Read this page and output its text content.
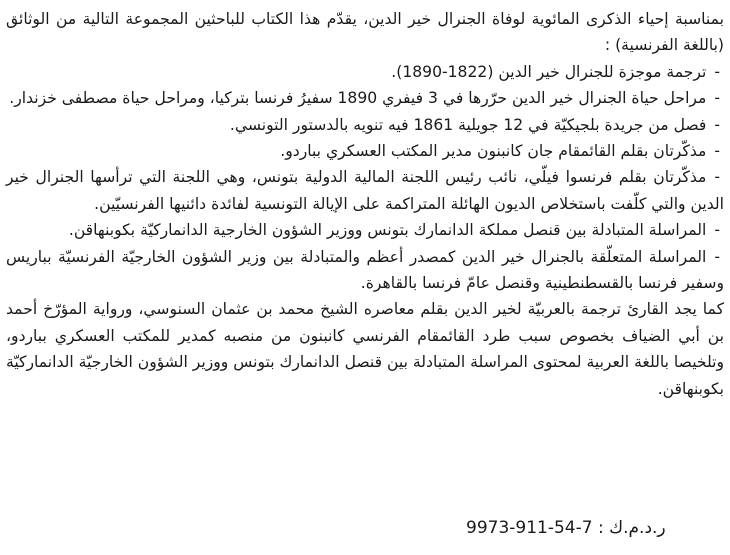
بمناسبة إحياء الذكرى المائوية لوفاة الجنرال خير الدين، يقدّم هذا الكتاب للباحثين المجموعة التالية من الوثائق (باللغة الفرنسية) :

-ترجمة موجزة للجنرال خير الدين (1822-1890).

-مراحل حياة الجنرال خير الدين حرّرها في 3 فيفري 1890 سفيرُ فرنسا بتركيا، ومراحل حياة مصطفى خزندار.

-فصل من جريدة بلجيكيّة في 12 جويلية 1861 فيه تنويه بالدستور التونسي.

-مذكّرتان بقلم القائمقام جان كانبنون مدير المكتب العسكري بباردو.

-مذكّرتان بقلم فرنسوا فيلّي، نائب رئيس اللجنة المالية الدولية بتونس، وهي اللجنة التي ترأسها الجنرال خير الدين والتي كلّفت باستخلاص الديون الهائلة المتراكمة على الإيالة التونسية لفائدة دائنيها الفرنسيّين.

-المراسلة المتبادلة بين قنصل مملكة الدانمارك بتونس ووزير الشؤون الخارجية الدانماركيّة بكوبنهاقن.

-المراسلة المتعلّقة بالجنرال خير الدين كمصدر أعظم والمتبادلة بين وزير الشؤون الخارجيّة الفرنسيّة بباريس وسفير فرنسا بالقسطنطينية وقنصل عامّ فرنسا بالقاهرة.

كما يجد القارئ ترجمة بالعربيّة لخير الدين بقلم معاصره الشيخ محمد بن عثمان السنوسي، ورواية المؤرّخ أحمد بن أبي الضياف بخصوص سبب طرد القائمقام الفرنسي كانبنون من منصبه كمدير للمكتب العسكري بباردو، وتلخيصا باللغة العربية لمحتوى المراسلة المتبادلة بين قنصل الدانمارك بتونس ووزير الشؤون الخارجيّة الدانماركيّة بكوبنهاقن.

ر.د.م.ك : 9973-911-54-7
